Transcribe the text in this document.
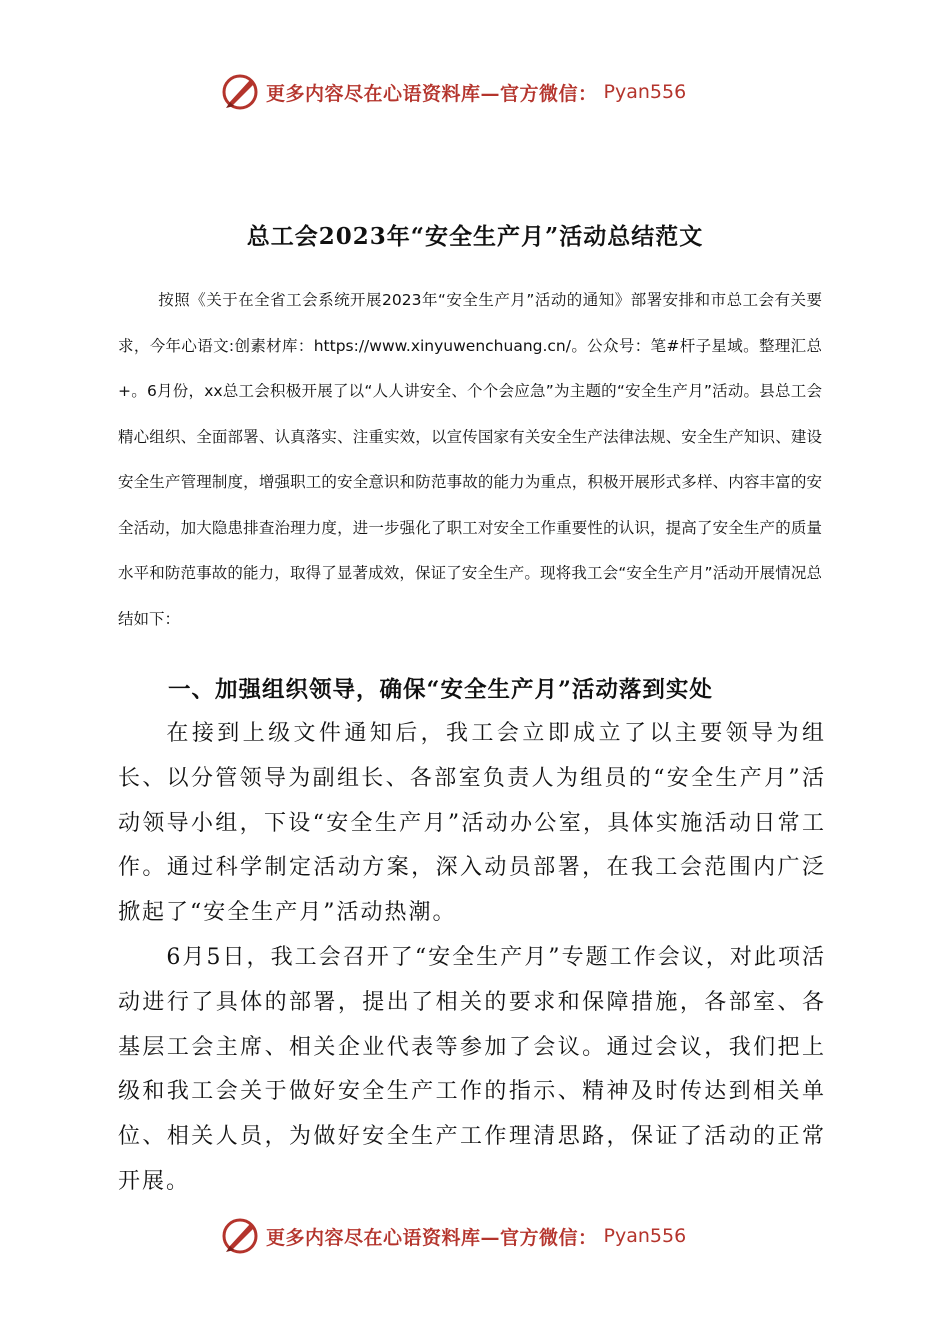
更多内容尽在心语资料库—官方微信： Pyan556
总工会2023年“安全生产月”活动总结范文

按照《关于在全省工会系统开展2023年“安全生产月”活动的通知》部署安排和市总工会有关要求，今年心语文:创素材库：https://www.xinyuwenchuang.cn/。公众号：笔#杆子星域。整理汇总+。6月份，xx总工会积极开展了以“人人讲安全、个个会应急”为主题的“安全生产月”活动。县总工会精心组织、全面部署、认真落实、注重实效，以宣传国家有关安全生产法律法规、安全生产知识、建设安全生产管理制度，增强职工的安全意识和防范事故的能力为重点，积极开展形式多样、内容丰富的安全活动，加大隐患排查治理力度，进一步强化了职工对安全工作重要性的认识，提高了安全生产的质量水平和防范事故的能力，取得了显著成效，保证了安全生产。现将我工会“安全生产月”活动开展情况总结如下：

一、加强组织领导，确保“安全生产月”活动落到实处

在接到上级文件通知后，我工会立即成立了以主要领导为组长、以分管领导为副组长、各部室负责人为组员的“安全生产月”活动领导小组，下设“安全生产月”活动办公室，具体实施活动日常工作。通过科学制定活动方案，深入动员部署，在我工会范围内广泛掀起了“安全生产月”活动热潮。

6月5日，我工会召开了“安全生产月”专题工作会议，对此项活动进行了具体的部署，提出了相关的要求和保障措施，各部室、各基层工会主席、相关企业代表等参加了会议。通过会议，我们把上级和我工会关于做好安全生产工作的指示、精神及时传达到相关单位、相关人员，为做好安全生产工作理清思路，保证了活动的正常开展。

更多内容尽在心语资料库—官方微信： Pyan556
